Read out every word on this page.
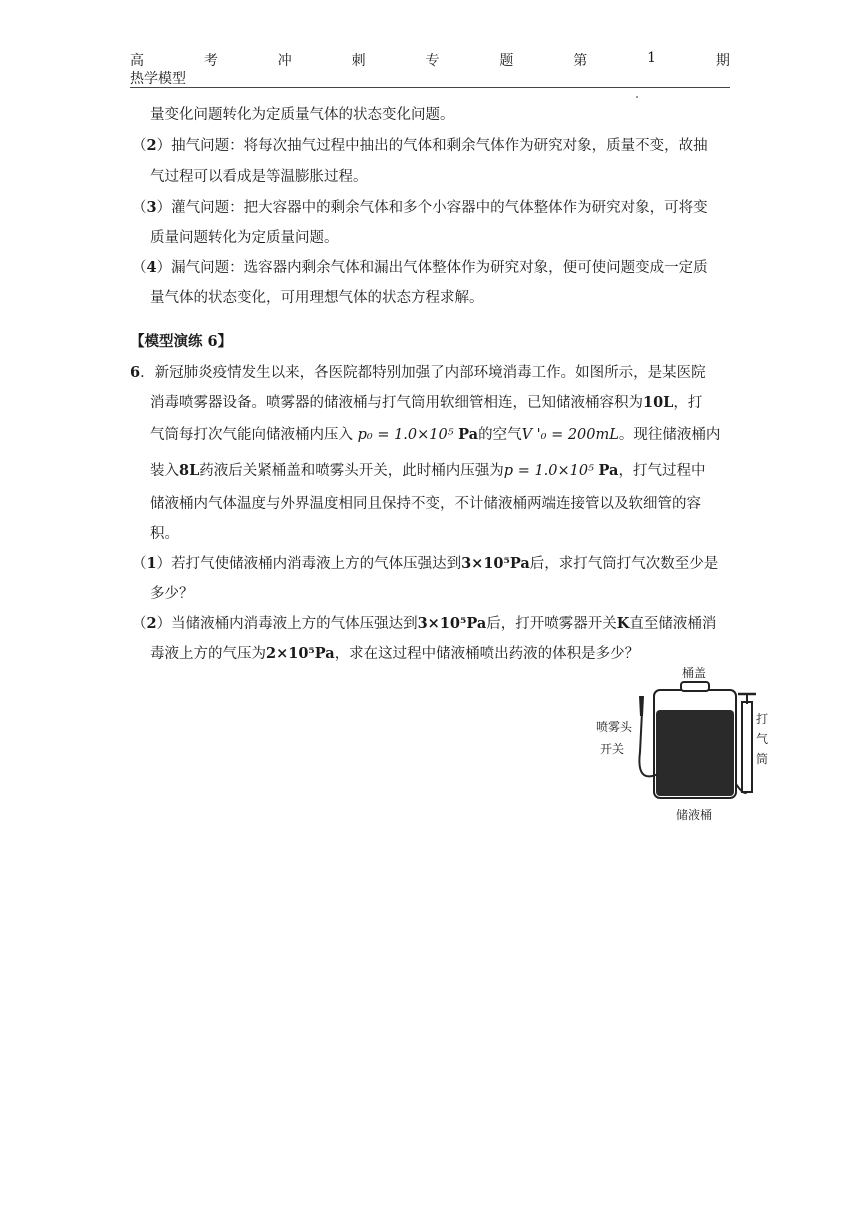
高	考	冲	刺	专	题	第	1	期
热学模型
量变化问题转化为定质量气体的状态变化问题。
（2）抽气问题：将每次抽气过程中抽出的气体和剩余气体作为研究对象，质量不变，故抽
气过程可以看成是等温膨胀过程。
（3）灌气问题：把大容器中的剩余气体和多个小容器中的气体整体作为研究对象，可将变
质量问题转化为定质量问题。
（4）漏气问题：选容器内剩余气体和漏出气体整体作为研究对象，便可使问题变成一定质
量气体的状态变化，可用理想气体的状态方程求解。
【模型演练 6】
6．新冠肺炎疫情发生以来，各医院都特别加强了内部环境消毒工作。如图所示，是某医院
消毒喷雾器设备。喷雾器的储液桶与打气筒用软细管相连，已知储液桶容积为10L，打
气筒每打次气能向储液桶内压入 p₀ = 1.0×10⁵ Pa的空气V '₀ = 200mL。现往储液桶内
装入8L药液后关紧桶盖和喷雾头开关，此时桶内压强为p = 1.0×10⁵ Pa，打气过程中
储液桶内气体温度与外界温度相同且保持不变，不计储液桶两端连接管以及软细管的容
积。
（1）若打气使储液桶内消毒液上方的气体压强达到3×10⁵Pa后，求打气筒打气次数至少是
多少？
（2）当储液桶内消毒液上方的气体压强达到3×10⁵Pa后，打开喷雾器开关K直至储液桶消
毒液上方的气压为2×10⁵Pa，求在这过程中储液桶喷出药液的体积是多少？
桶盖
喷雾头
开关
打
气
筒
储液桶
